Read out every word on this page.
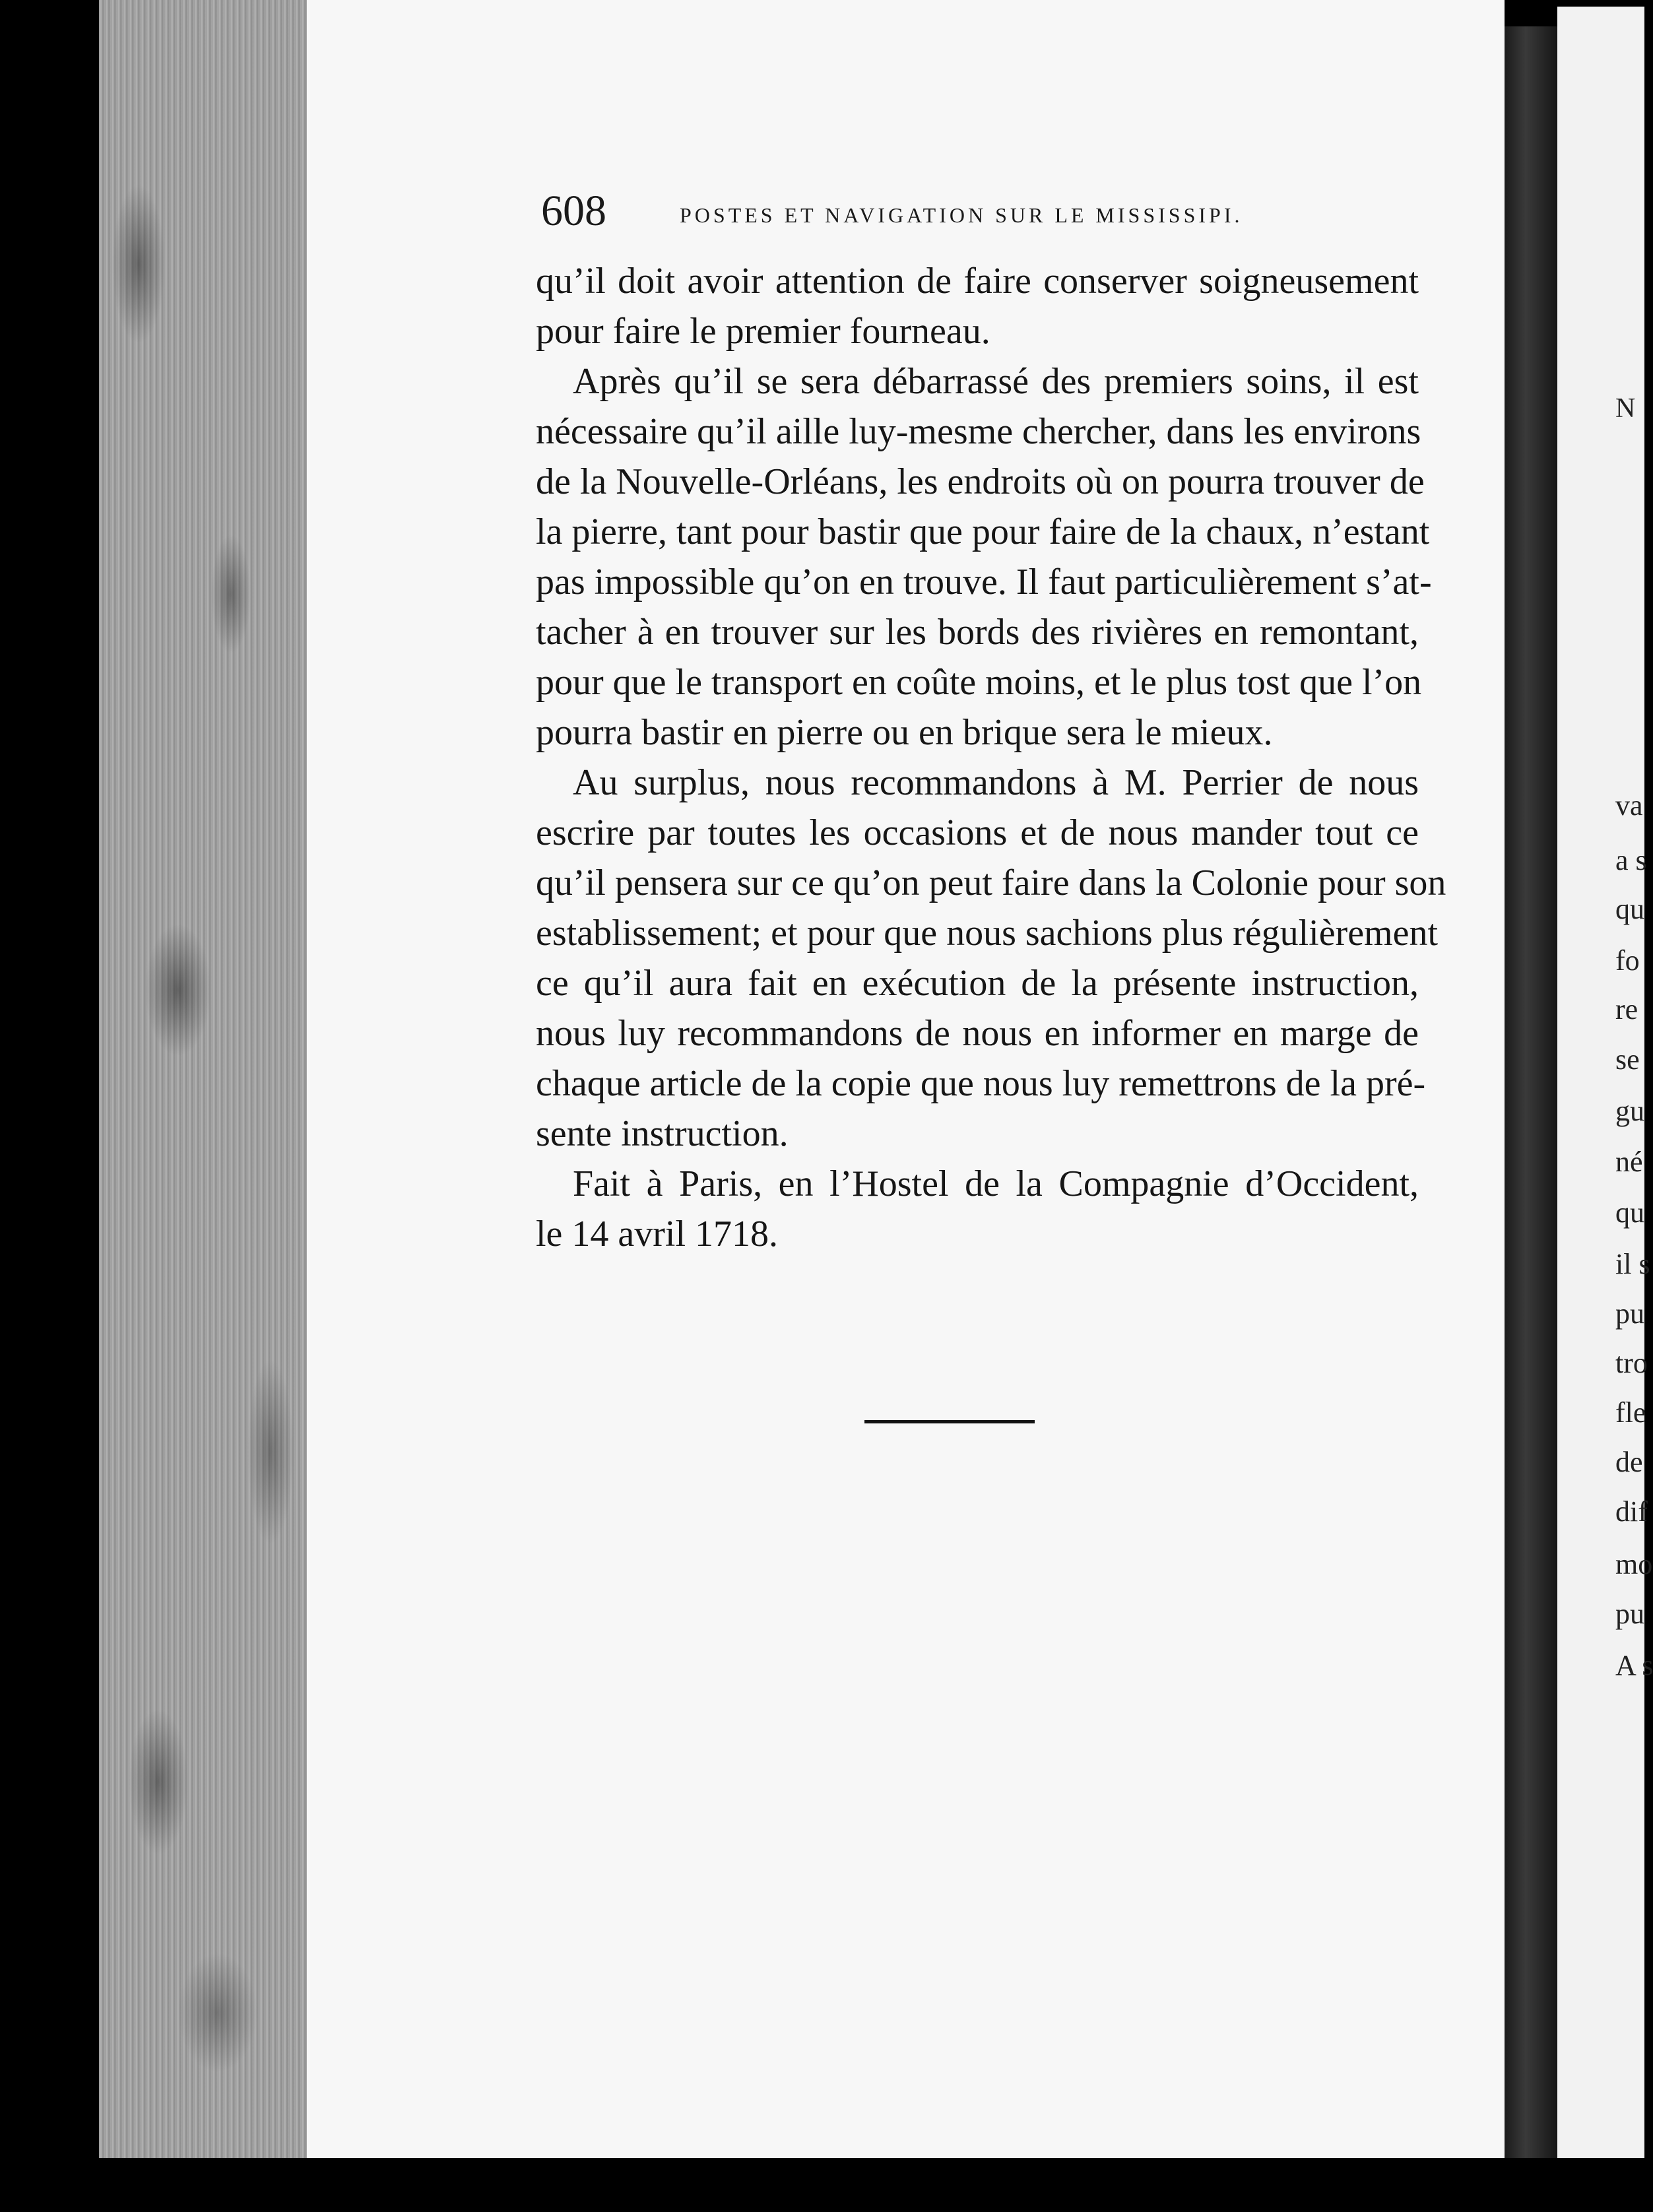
N
va
a s
qu
fo
re
se
gu
né
qu
il s
pu
tro
fle
de
dif
mo
pu
A s
608	POSTES ET NAVIGATION SUR LE MISSISSIPI.
qu’il doit avoir attention de faire conserver soigneusement
pour faire le premier fourneau.
Après qu’il se sera débarrassé des premiers soins, il est
nécessaire qu’il aille luy-mesme chercher, dans les environs
de la Nouvelle-Orléans, les endroits où on pourra trouver de
la pierre, tant pour bastir que pour faire de la chaux, n’estant
pas impossible qu’on en trouve. Il faut particulièrement s’at-
tacher à en trouver sur les bords des rivières en remontant,
pour que le transport en coûte moins, et le plus tost que l’on
pourra bastir en pierre ou en brique sera le mieux.
Au surplus, nous recommandons à M. Perrier de nous
escrire par toutes les occasions et de nous mander tout ce
qu’il pensera sur ce qu’on peut faire dans la Colonie pour son
establissement; et pour que nous sachions plus régulièrement
ce qu’il aura fait en exécution de la présente instruction,
nous luy recommandons de nous en informer en marge de
chaque article de la copie que nous luy remettrons de la pré-
sente instruction.
Fait à Paris, en l’Hostel de la Compagnie d’Occident,
le 14 avril 1718.
